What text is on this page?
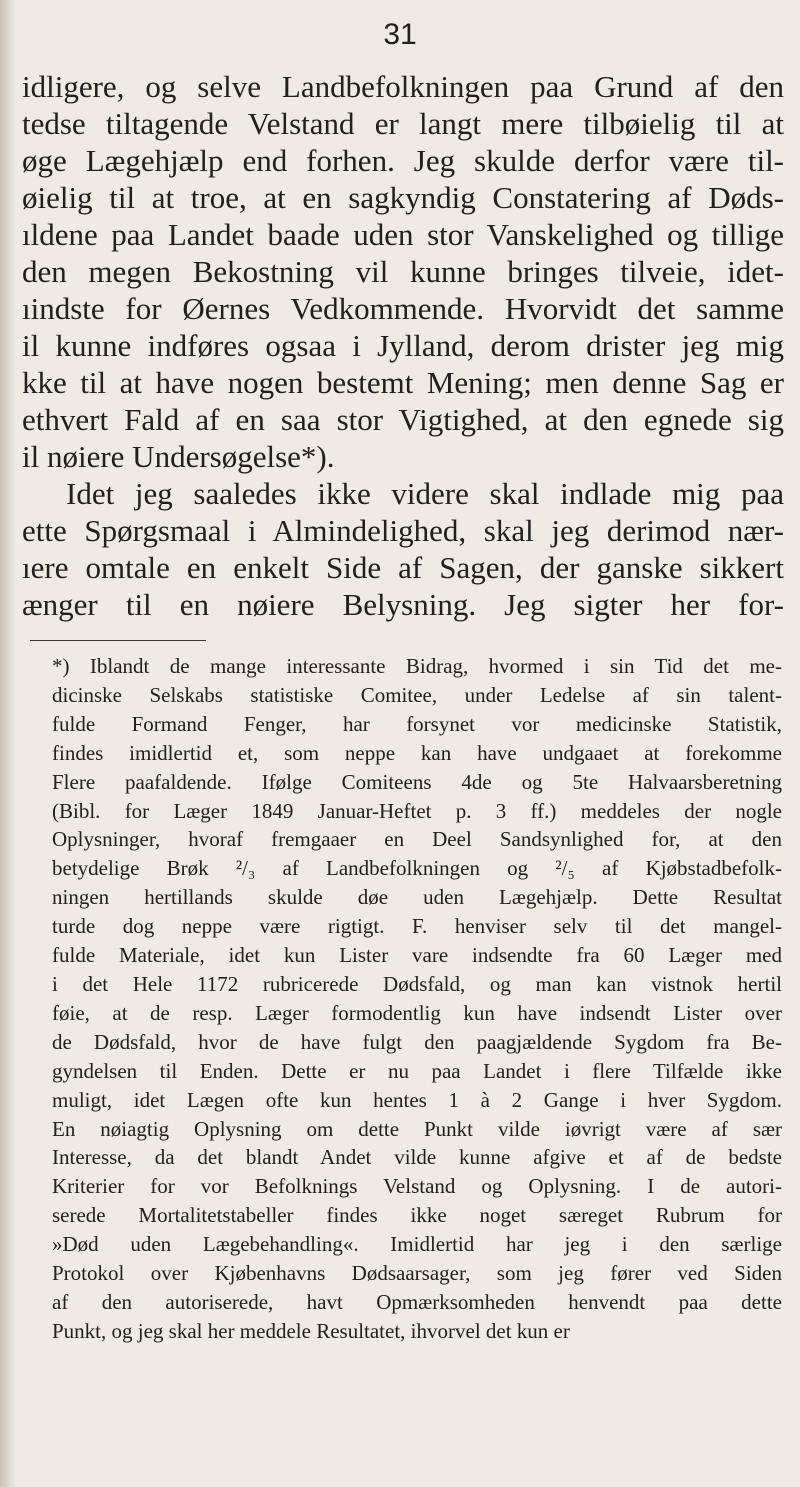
31
idligere, og selve Landbefolkningen paa Grund af den
tedse tiltagende Velstand er langt mere tilbøielig til at
øge Lægehjælp end forhen. Jeg skulde derfor være til-
øielig til at troe, at en sagkyndig Constatering af Døds-
ıldene paa Landet baade uden stor Vanskelighed og tillige
den megen Bekostning vil kunne bringes tilveie, idet-
ıindste for Øernes Vedkommende. Hvorvidt det samme
il kunne indføres ogsaa i Jylland, derom drister jeg mig
kke til at have nogen bestemt Mening; men denne Sag er
ethvert Fald af en saa stor Vigtighed, at den egnede sig
il nøiere Undersøgelse*).
Idet jeg saaledes ikke videre skal indlade mig paa
ette Spørgsmaal i Almindelighed, skal jeg derimod nær-
ıere omtale en enkelt Side af Sagen, der ganske sikkert
ænger til en nøiere Belysning. Jeg sigter her for-
*) Iblandt de mange interessante Bidrag, hvormed i sin Tid det me-
dicinske Selskabs statistiske Comitee, under Ledelse af sin talent-
fulde Formand Fenger, har forsynet vor medicinske Statistik,
findes imidlertid et, som neppe kan have undgaaet at forekomme
Flere paafaldende. Ifølge Comiteens 4de og 5te Halvaarsberetning
(Bibl. for Læger 1849 Januar-Heftet p. 3 ff.) meddeles der nogle
Oplysninger, hvoraf fremgaaer en Deel Sandsynlighed for, at den
betydelige Brøk ²/₃ af Landbefolkningen og ²/₅ af Kjøbstadbefolk-
ningen hertillands skulde døe uden Lægehjælp. Dette Resultat
turde dog neppe være rigtigt. F. henviser selv til det mangel-
fulde Materiale, idet kun Lister vare indsendte fra 60 Læger med
i det Hele 1172 rubricerede Dødsfald, og man kan vistnok hertil
føie, at de resp. Læger formodentlig kun have indsendt Lister over
de Dødsfald, hvor de have fulgt den paagjældende Sygdom fra Be-
gyndelsen til Enden. Dette er nu paa Landet i flere Tilfælde ikke
muligt, idet Lægen ofte kun hentes 1 à 2 Gange i hver Sygdom.
En nøiagtig Oplysning om dette Punkt vilde iøvrigt være af sær
Interesse, da det blandt Andet vilde kunne afgive et af de bedste
Kriterier for vor Befolknings Velstand og Oplysning. I de autori-
serede Mortalitetstabeller findes ikke noget særeget Rubrum for
»Død uden Lægebehandling«. Imidlertid har jeg i den særlige
Protokol over Kjøbenhavns Dødsaarsager, som jeg fører ved Siden
af den autoriserede, havt Opmærksomheden henvendt paa dette
Punkt, og jeg skal her meddele Resultatet, ihvorvel det kun er
